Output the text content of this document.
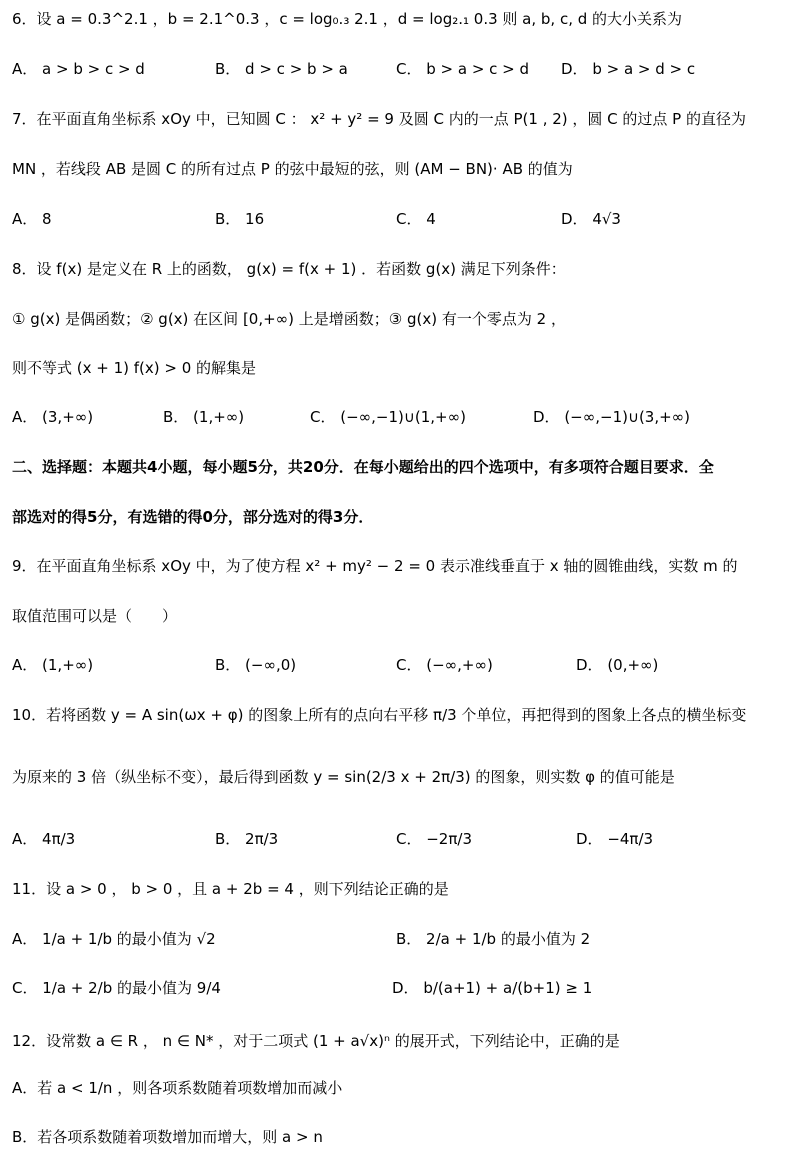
6．设 a = 0.3^2.1 ，b = 2.1^0.3 ，c = log₀.₃ 2.1 ，d = log₂.₁ 0.3 则 a, b, c, d 的大小关系为
A． a > b > c > d	B． d > c > b > a	C． b > a > c > d D． b > a > d > c
7．在平面直角坐标系 xOy 中，已知圆 C ： x² + y² = 9 及圆 C 内的一点 P(1 , 2) ，圆 C 的过点 P 的直径为
MN ，若线段 AB 是圆 C 的所有过点 P 的弦中最短的弦，则 (AM − BN)· AB 的值为
A． 8	B． 16	C． 4	D． 4√3
8．设 f(x) 是定义在 R 上的函数， g(x) = f(x + 1) ．若函数 g(x) 满足下列条件：
① g(x) 是偶函数；② g(x) 在区间 [0,+∞) 上是增函数；③ g(x) 有一个零点为 2 ，
则不等式 (x + 1) f(x) > 0 的解集是
A． (3,+∞)	B． (1,+∞)	C． (−∞,−1)∪(1,+∞)	D． (−∞,−1)∪(3,+∞)
二、选择题：本题共4小题，每小题5分，共20分．在每小题给出的四个选项中，有多项符合题目要求．全
部选对的得5分，有选错的得0分，部分选对的得3分．
9．在平面直角坐标系 xOy 中，为了使方程 x² + my² − 2 = 0 表示准线垂直于 x 轴的圆锥曲线，实数 m 的
取值范围可以是（　　）
A． (1,+∞)	B． (−∞,0)	C． (−∞,+∞)	D． (0,+∞)
10．若将函数 y = A sin(ωx + φ) 的图象上所有的点向右平移 π/3 个单位，再把得到的图象上各点的横坐标变
为原来的 3 倍（纵坐标不变），最后得到函数 y = sin(2/3 x + 2π/3) 的图象，则实数 φ 的值可能是
A． 4π/3	B． 2π/3	C． −2π/3	D． −4π/3
11．设 a > 0 ， b > 0 ，且 a + 2b = 4 ，则下列结论正确的是
A． 1/a + 1/b 的最小值为 √2	B． 2/a + 1/b 的最小值为 2
C． 1/a + 2/b 的最小值为 9/4	D． b/(a+1) + a/(b+1) ≥ 1
12．设常数 a ∈ R ， n ∈ N* ，对于二项式 (1 + a√x)ⁿ 的展开式，下列结论中，正确的是
A．若 a < 1/n ，则各项系数随着项数增加而减小
B．若各项系数随着项数增加而增大，则 a > n
